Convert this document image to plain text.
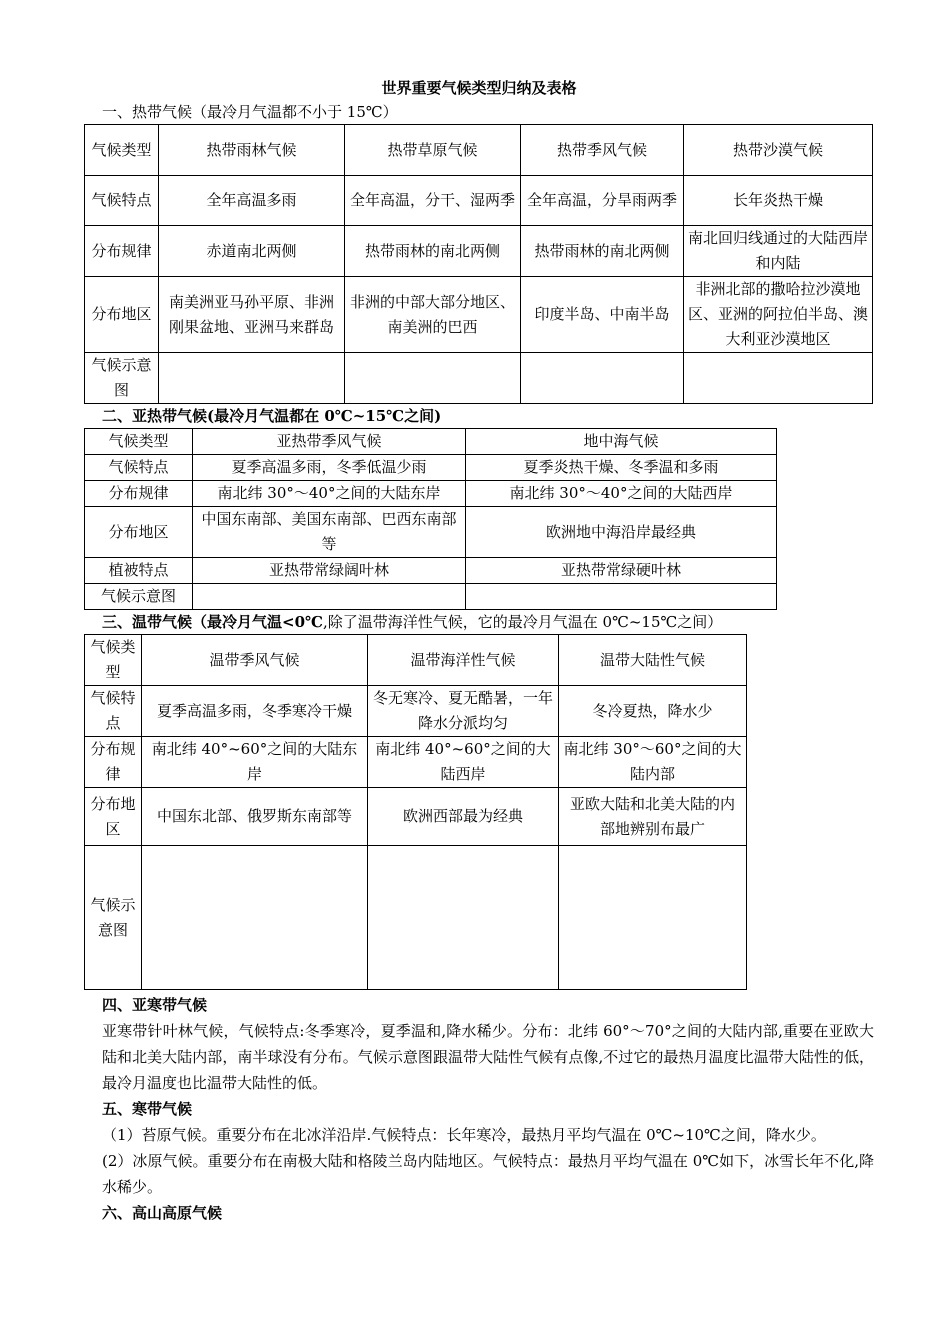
世界重要气候类型归纳及表格
一、热带气候（最冷月气温都不小于 15℃）
气候类型	热带雨林气候	热带草原气候	热带季风气候	热带沙漠气候
气候特点	全年高温多雨	全年高温，分干、湿两季	全年高温，分旱雨两季	长年炎热干燥
分布规律	赤道南北两侧	热带雨林的南北两侧	热带雨林的南北两侧	南北回归线通过的大陆西岸和内陆
分布地区	南美洲亚马孙平原、非洲刚果盆地、亚洲马来群岛	非洲的中部大部分地区、南美洲的巴西	印度半岛、中南半岛	非洲北部的撒哈拉沙漠地区、亚洲的阿拉伯半岛、澳大利亚沙漠地区
气候示意图				
二、亚热带气候(最冷月气温都在 0℃~15℃之间)
气候类型	亚热带季风气候	地中海气候
气候特点	夏季高温多雨，冬季低温少雨	夏季炎热干燥、冬季温和多雨
分布规律	南北纬 30°～40°之间的大陆东岸	南北纬 30°～40°之间的大陆西岸
分布地区	中国东南部、美国东南部、巴西东南部等	欧洲地中海沿岸最经典
植被特点	亚热带常绿阔叶林	亚热带常绿硬叶林
气候示意图		
三、温带气候（最冷月气温<0℃,除了温带海洋性气候，它的最冷月气温在 0℃~15℃之间）
气候类型	温带季风气候	温带海洋性气候	温带大陆性气候
气候特点	夏季高温多雨，冬季寒冷干燥	冬无寒冷、夏无酷暑，一年降水分派均匀	冬冷夏热，降水少
分布规律	南北纬 40°~60°之间的大陆东岸	南北纬 40°~60°之间的大陆西岸	南北纬 30°～60°之间的大陆内部
分布地区	中国东北部、俄罗斯东南部等	欧洲西部最为经典	亚欧大陆和北美大陆的内部地辨别布最广
气候示意图			
四、亚寒带气候
亚寒带针叶林气候，气候特点:冬季寒冷，夏季温和,降水稀少。分布：北纬 60°～70°之间的大陆内部,重要在亚欧大陆和北美大陆内部，南半球没有分布。气候示意图跟温带大陆性气候有点像,不过它的最热月温度比温带大陆性的低，最冷月温度也比温带大陆性的低。
五、寒带气候
（1）苔原气候。重要分布在北冰洋沿岸.气候特点：长年寒冷，最热月平均气温在 0℃~10℃之间，降水少。
(2）冰原气候。重要分布在南极大陆和格陵兰岛内陆地区。气候特点：最热月平均气温在 0℃如下，冰雪长年不化,降水稀少。
六、高山高原气候
